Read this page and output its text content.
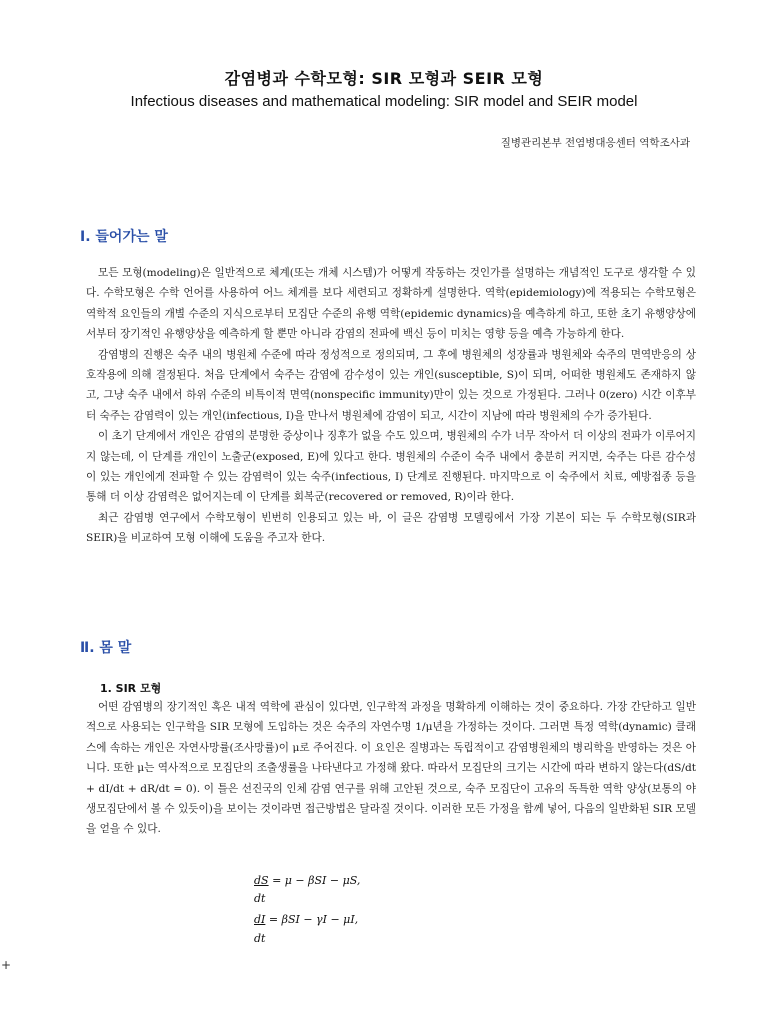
감염병과 수학모형: SIR 모형과 SEIR 모형
Infectious diseases and mathematical modeling: SIR model and SEIR model
질병관리본부 전염병대응센터 역학조사과
Ⅰ. 들어가는 말

모든 모형(modeling)은 일반적으로 체계(또는 개체 시스템)가 어떻게 작동하는 것인가를 설명하는 개념적인 도구로 생각할 수 있다. 수학모형은 수학 언어를 사용하여 어느 체계를 보다 세련되고 정확하게 설명한다. 역학(epidemiology)에 적용되는 수학모형은 역학적 요인들의 개별 수준의 지식으로부터 모집단 수준의 유행 역학(epidemic dynamics)을 예측하게 하고, 또한 초기 유행양상에서부터 장기적인 유행양상을 예측하게 할 뿐만 아니라 감염의 전파에 백신 등이 미치는 영향 등을 예측 가능하게 한다.

감염병의 진행은 숙주 내의 병원체 수준에 따라 정성적으로 정의되며, 그 후에 병원체의 성장률과 병원체와 숙주의 면역반응의 상호작용에 의해 결정된다. 처음 단계에서 숙주는 감염에 감수성이 있는 개인(susceptible, S)이 되며, 어떠한 병원체도 존재하지 않고, 그냥 숙주 내에서 하위 수준의 비특이적 면역(nonspecific immunity)만이 있는 것으로 가정된다. 그러나 0(zero) 시간 이후부터 숙주는 감염력이 있는 개인(infectious, I)을 만나서 병원체에 감염이 되고, 시간이 지남에 따라 병원체의 수가 증가된다.

이 초기 단계에서 개인은 감염의 분명한 증상이나 징후가 없을 수도 있으며, 병원체의 수가 너무 작아서 더 이상의 전파가 이루어지지 않는데, 이 단계를 개인이 노출군(exposed, E)에 있다고 한다. 병원체의 수준이 숙주 내에서 충분히 커지면, 숙주는 다른 감수성이 있는 개인에게 전파할 수 있는 감염력이 있는 숙주(infectious, I) 단계로 진행된다. 마지막으로 이 숙주에서 치료, 예방접종 등을 통해 더 이상 감염력은 없어지는데 이 단계를 회복군(recovered or removed, R)이라 한다.

최근 감염병 연구에서 수학모형이 빈번히 인용되고 있는 바, 이 글은 감염병 모델링에서 가장 기본이 되는 두 수학모형(SIR과 SEIR)을 비교하여 모형 이해에 도움을 주고자 한다.

Ⅱ. 몸 말
1. SIR 모형

어떤 감염병의 장기적인 혹은 내적 역학에 관심이 있다면, 인구학적 과정을 명확하게 이해하는 것이 중요하다. 가장 간단하고 일반적으로 사용되는 인구학을 SIR 모형에 도입하는 것은 숙주의 자연수명 1/μ년을 가정하는 것이다. 그러면 특정 역학(dynamic) 클래스에 속하는 개인은 자연사망률(조사망률)이 μ로 주어진다. 이 요인은 질병과는 독립적이고 감염병원체의 병리학을 반영하는 것은 아니다. 또한 μ는 역사적으로 모집단의 조출생률을 나타낸다고 가정해 왔다. 따라서 모집단의 크기는 시간에 따라 변하지 않는다(dS/dt + dI/dt + dR/dt = 0). 이 틀은 선진국의 인체 감염 연구를 위해 고안된 것으로, 숙주 모집단이 고유의 독특한 역학 양상(보통의 야생모집단에서 볼 수 있듯이)을 보이는 것이라면 접근방법은 달라질 것이다. 이러한 모든 가정을 함께 넣어, 다음의 일반화된 SIR 모델을 얻을 수 있다.

dS = μ − βSI − μS,
dt
dI = βSI − γI − μI,
dt
+
